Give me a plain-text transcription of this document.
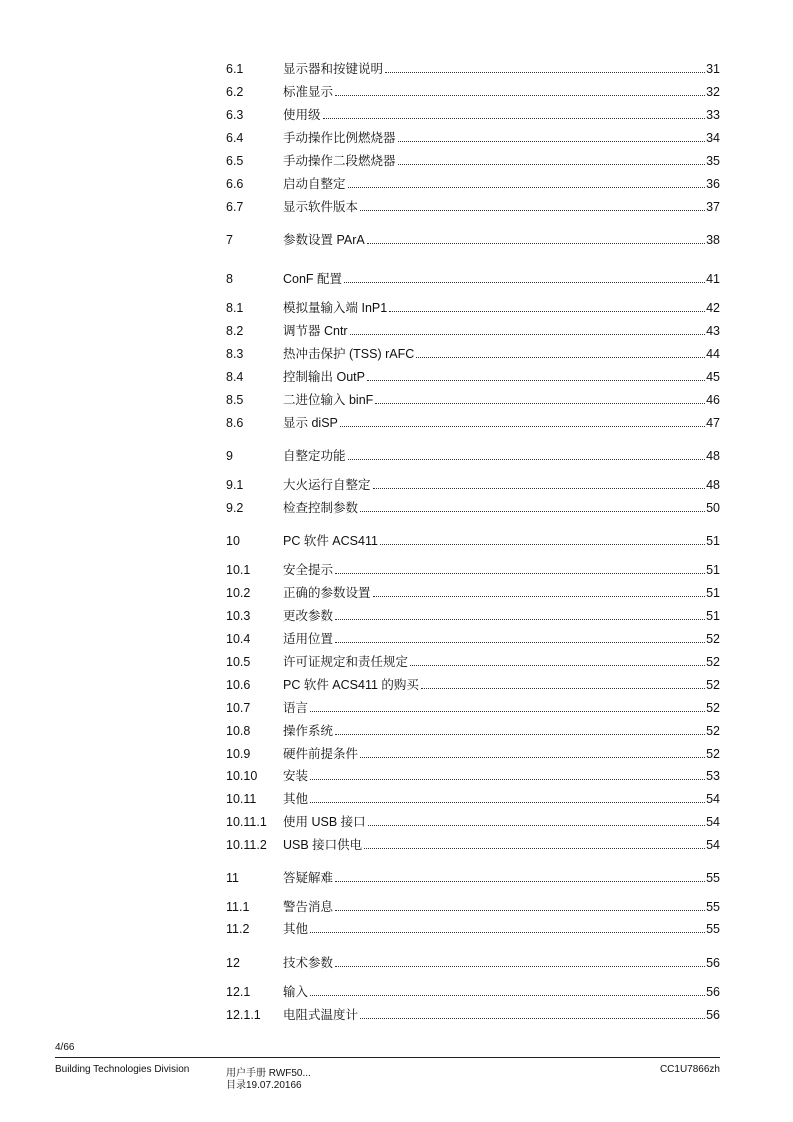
6.1	显示器和按键说明	31
6.2	标准显示	32
6.3	使用级	33
6.4	手动操作比例燃烧器	34
6.5	手动操作二段燃烧器	35
6.6	启动自整定	36
6.7	显示软件版本	37
7	参数设置 PArA	38
8	ConF 配置	41
8.1	模拟量输入端 InP1	42
8.2	调节器 Cntr	43
8.3	热冲击保护 (TSS) rAFC	44
8.4	控制输出 OutP	45
8.5	二进位输入 binF	46
8.6	显示 diSP	47
9	自整定功能	48
9.1	大火运行自整定	48
9.2	检查控制参数	50
10	PC 软件 ACS411	51
10.1	安全提示	51
10.2	正确的参数设置	51
10.3	更改参数	51
10.4	适用位置	52
10.5	许可证规定和责任规定	52
10.6	PC 软件 ACS411 的购买	52
10.7	语言	52
10.8	操作系统	52
10.9	硬件前提条件	52
10.10	安装	53
10.11	其他	54
10.11.1	使用 USB 接口	54
10.11.2	USB 接口供电	54
11	答疑解难	55
11.1	警告消息	55
11.2	其他	55
12	技术参数	56
12.1	输入	56
12.1.1	电阻式温度计	56
4/66
Building Technologies Division	用户手册 RWF50...
目录19.07.20166
CC1U7866zh
